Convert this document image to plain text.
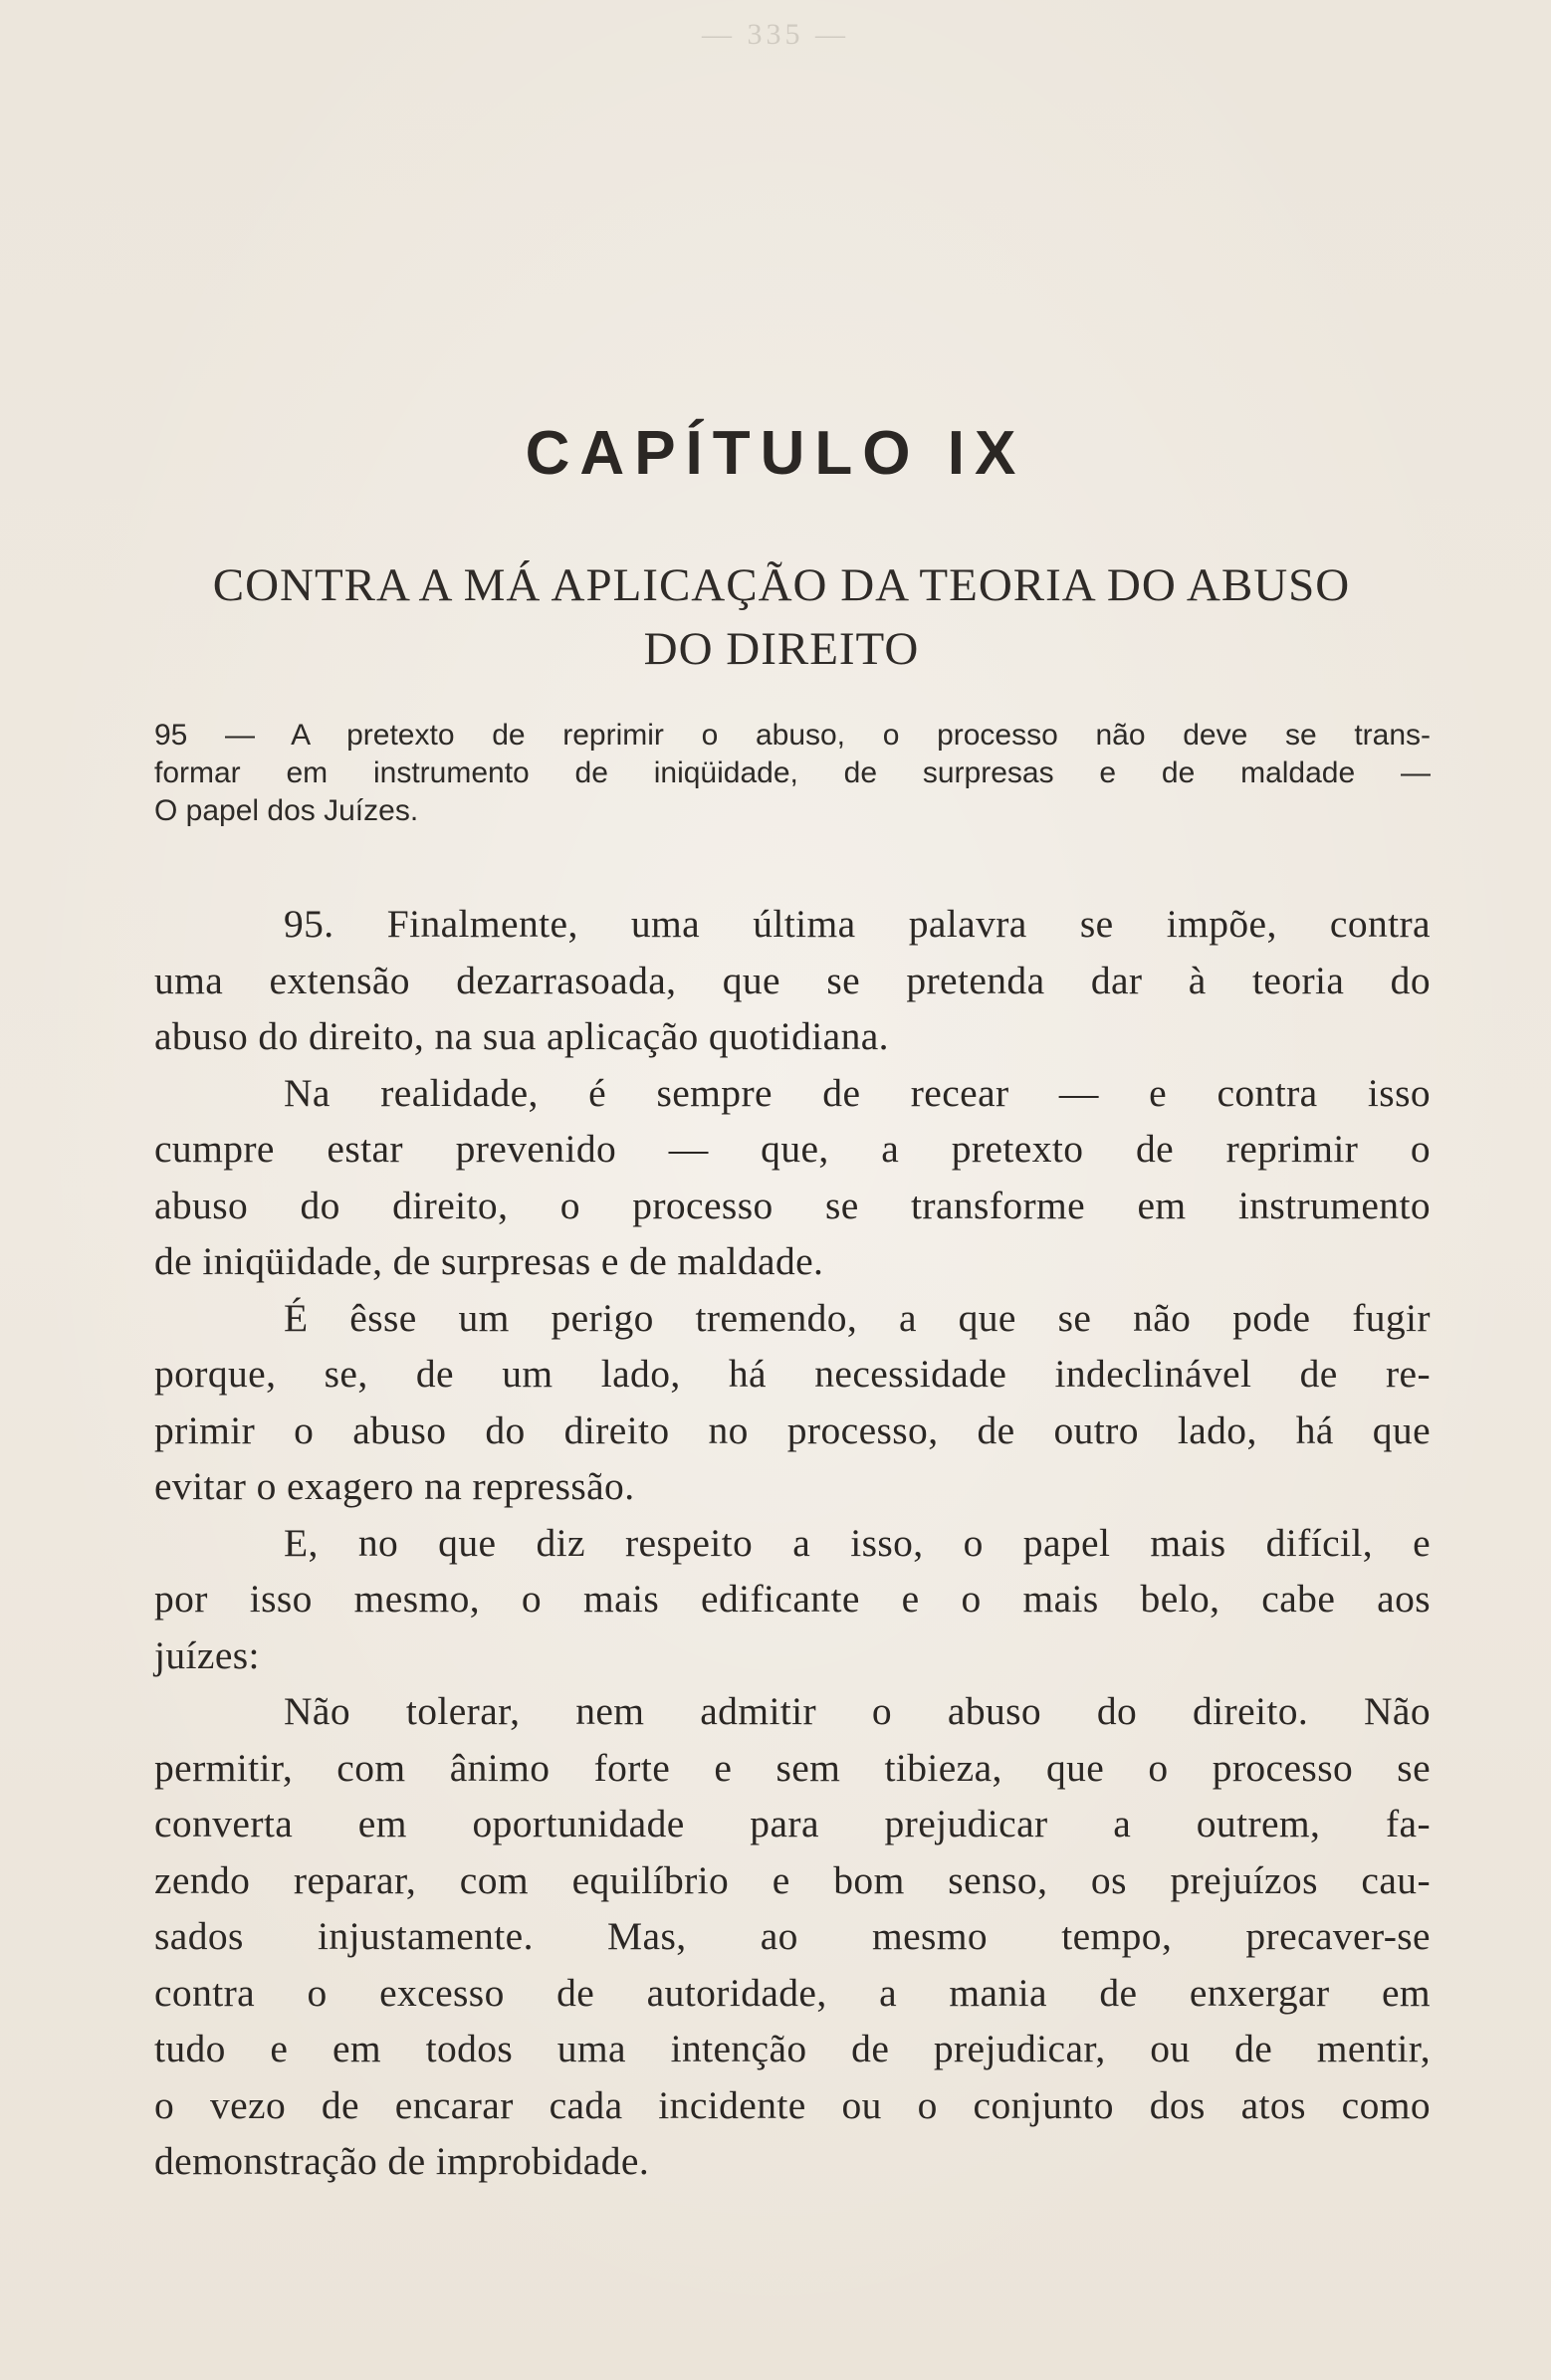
— 335 —
CAPÍTULO IX
CONTRA A MÁ APLICAÇÃO DA TEORIA DO ABUSO
DO DIREITO
95 — A pretexto de reprimir o abuso, o processo não deve se trans-
formar em instrumento de iniqüidade, de surpresas e de maldade —
O papel dos Juízes.
95. Finalmente, uma última palavra se impõe, contra
uma extensão dezarrasoada, que se pretenda dar à teoria do
abuso do direito, na sua aplicação quotidiana.
Na realidade, é sempre de recear — e contra isso
cumpre estar prevenido — que, a pretexto de reprimir o
abuso do direito, o processo se transforme em instrumento
de iniqüidade, de surpresas e de maldade.
É êsse um perigo tremendo, a que se não pode fugir
porque, se, de um lado, há necessidade indeclinável de re-
primir o abuso do direito no processo, de outro lado, há que
evitar o exagero na repressão.
E, no que diz respeito a isso, o papel mais difícil, e
por isso mesmo, o mais edificante e o mais belo, cabe aos
juízes:
Não tolerar, nem admitir o abuso do direito. Não
permitir, com ânimo forte e sem tibieza, que o processo se
converta em oportunidade para prejudicar a outrem, fa-
zendo reparar, com equilíbrio e bom senso, os prejuízos cau-
sados injustamente. Mas, ao mesmo tempo, precaver-se
contra o excesso de autoridade, a mania de enxergar em
tudo e em todos uma intenção de prejudicar, ou de mentir,
o vezo de encarar cada incidente ou o conjunto dos atos como
demonstração de improbidade.
